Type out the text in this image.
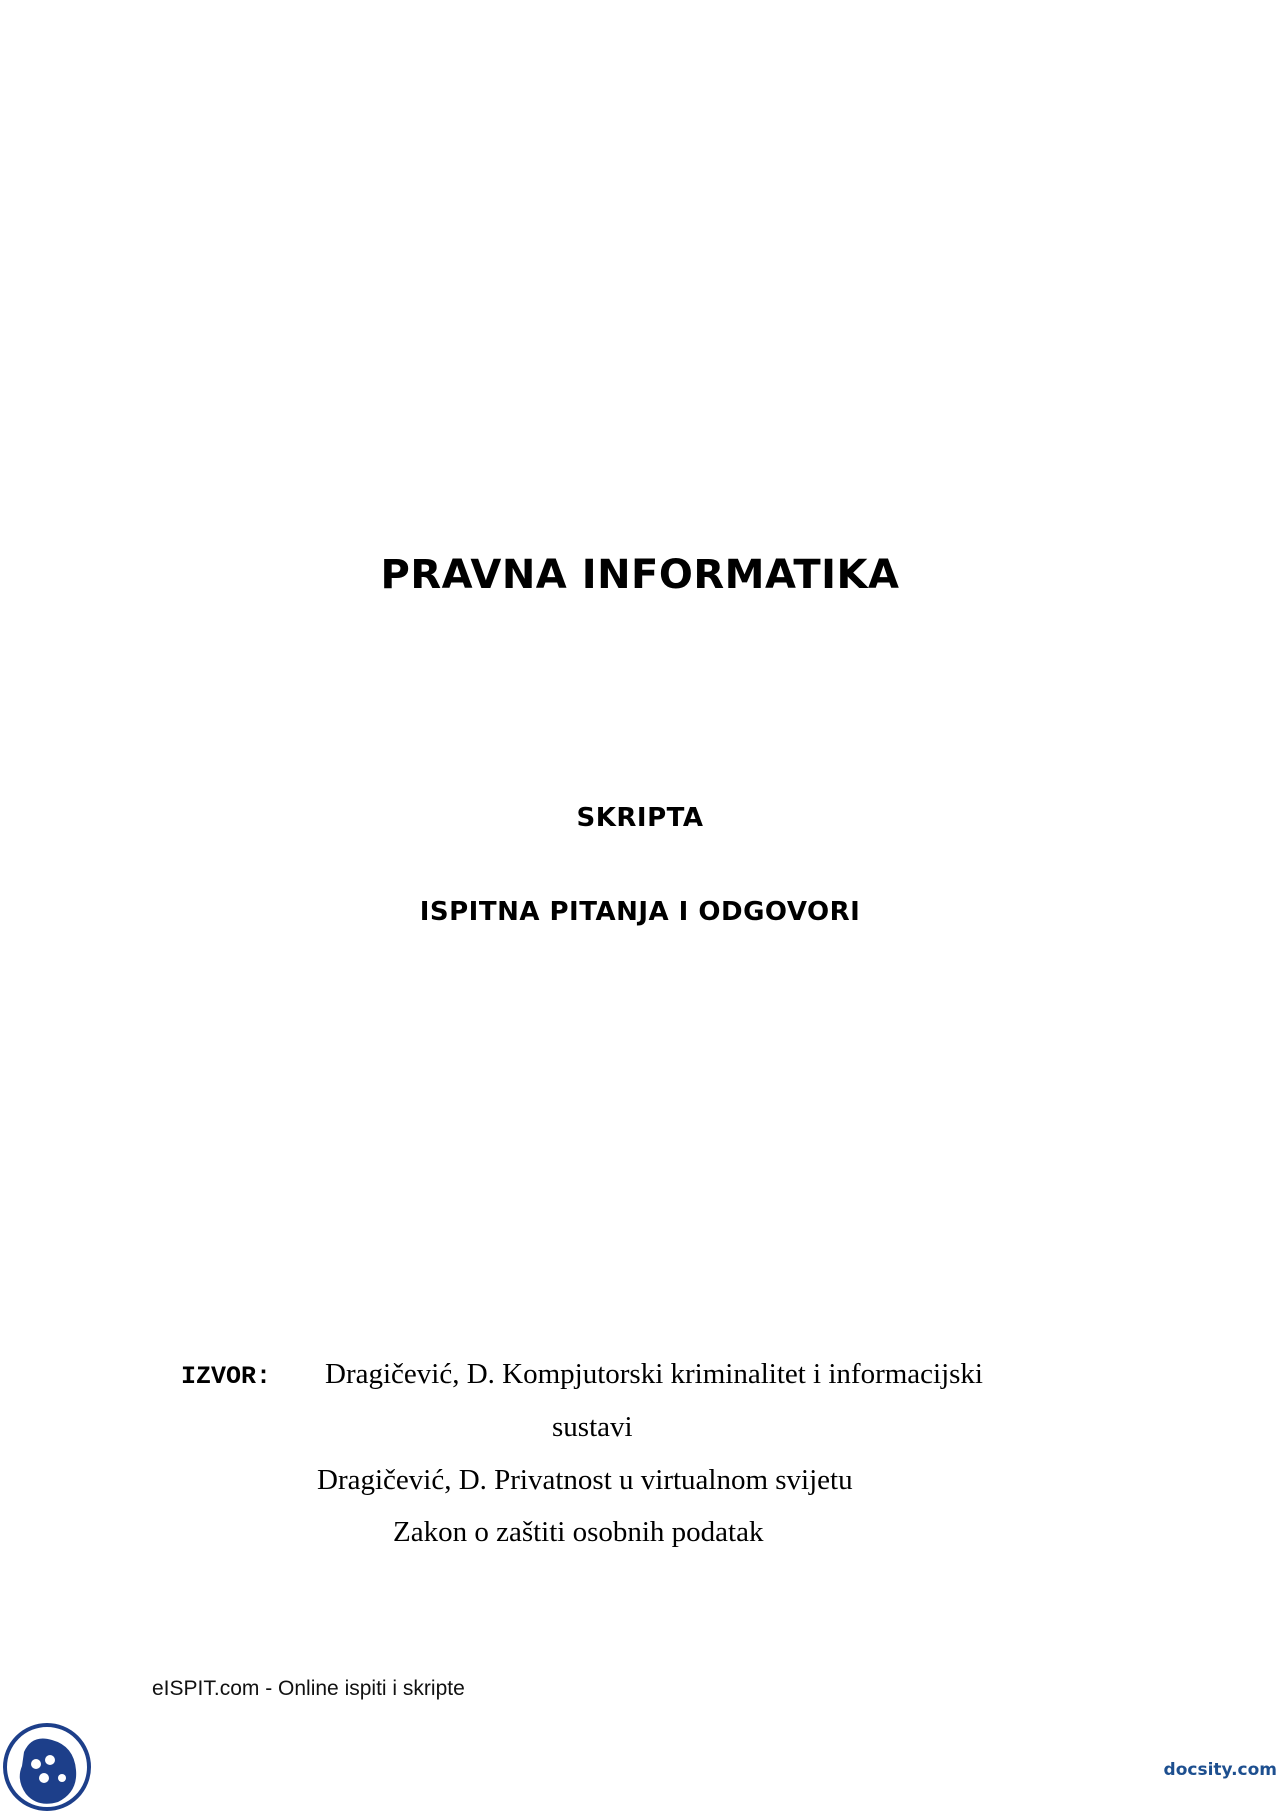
PRAVNA INFORMATIKA
SKRIPTA
ISPITNA PITANJA I ODGOVORI
IZVOR: Dragičević, D. Kompjutorski kriminalitet i informacijski
sustavi
Dragičević, D. Privatnost u virtualnom svijetu
Zakon o zaštiti osobnih podatak
eISPIT.com - Online ispiti i skripte
docsity.com
